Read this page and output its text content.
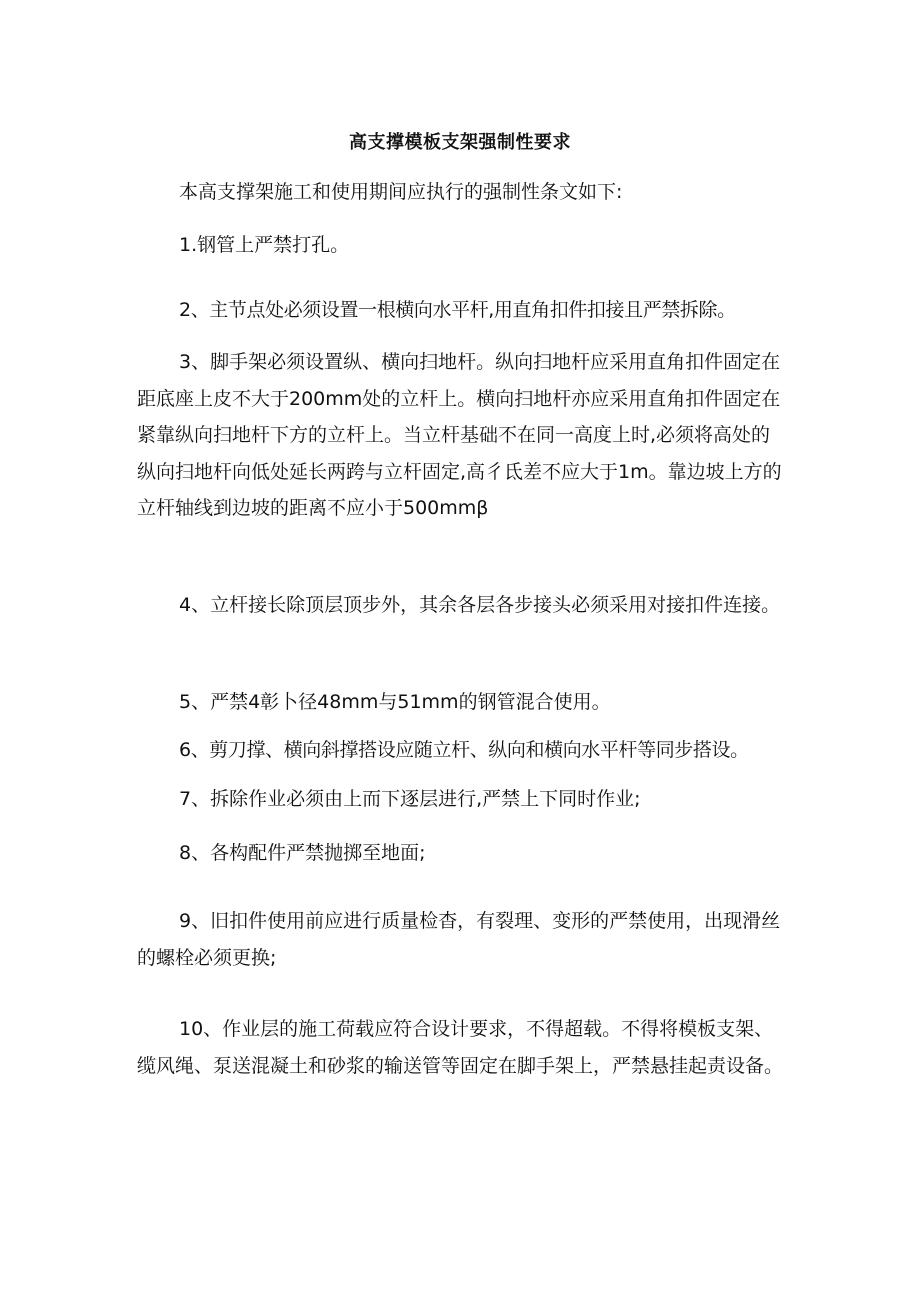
高支撑模板支架强制性要求
本高支撑架施工和使用期间应执行的强制性条文如下:
1.钢管上严禁打孔。
2、主节点处必须设置一根横向水平杆,用直角扣件扣接且严禁拆除。
3、脚手架必须设置纵、横向扫地杆。纵向扫地杆应采用直角扣件固定在距底座上皮不大于200mm处的立杆上。横向扫地杆亦应采用直角扣件固定在紧靠纵向扫地杆下方的立杆上。当立杆基础不在同一高度上时,必须将高处的纵向扫地杆向低处延长两跨与立杆固定,高彳氐差不应大于1m。靠边坡上方的立杆轴线到边坡的距离不应小于500mmβ
4、立杆接长除顶层顶步外，其余各层各步接头必须采用对接扣件连接。
5、严禁4彰卜径48mm与51mm的钢管混合使用。
6、剪刀撑、横向斜撑搭设应随立杆、纵向和横向水平杆等同步搭设。
7、拆除作业必须由上而下逐层进行,严禁上下同时作业;
8、各构配件严禁抛掷至地面;
9、旧扣件使用前应进行质量检杳，有裂理、变形的严禁使用，出现滑丝的螺栓必须更换;
10、作业层的施工荷载应符合设计要求，不得超载。不得将模板支架、缆风绳、泵送混凝土和砂浆的输送管等固定在脚手架上，严禁悬挂起责设备。
